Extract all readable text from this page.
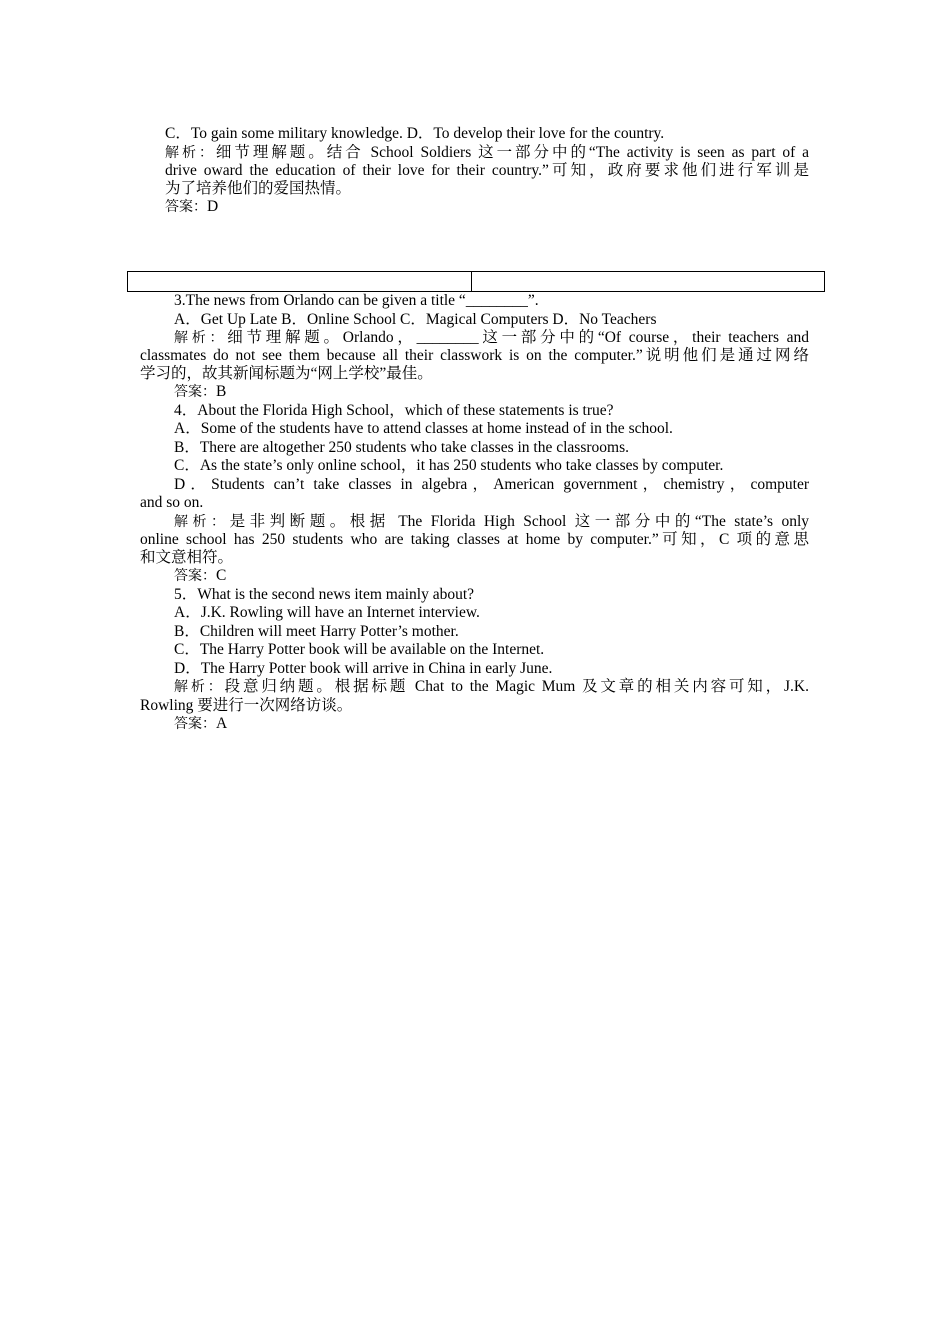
C．To gain some military knowledge. D．To develop their love for the country.
解析：细节理解题。结合 School Soldiers 这一部分中的“The activity is seen as part of a
drive oward the education of their love for their country.”可知，政府要求他们进行军训是
为了培养他们的爱国热情。
答案：D
3.The news from Orlando can be given a title “________”.
A．Get Up Late B．Online School C．Magical Computers D．No Teachers
解析：细节理解题。Orlando，________这一部分中的“Of course，their teachers and
classmates do not see them because all their classwork is on the computer.”说明他们是通过网络
学习的，故其新闻标题为“网上学校”最佳。
答案：B
4．About the Florida High School，which of these statements is true?
A．Some of the students have to attend classes at home instead of in the school.
B．There are altogether 250 students who take classes in the classrooms.
C．As the state’s only online school，it has 250 students who take classes by computer.
D．Students can’t take classes in algebra，American government，chemistry，computer
and so on.
解析：是非判断题。根据 The Florida High School 这一部分中的“The state’s only
online school has 250 students who are taking classes at home by computer.”可知，C 项的意思
和文意相符。
答案：C
5．What is the second news item mainly about?
A．J.K. Rowling will have an Internet interview.
B．Children will meet Harry Potter’s mother.
C．The Harry Potter book will be available on the Internet.
D．The Harry Potter book will arrive in China in early June.
解析：段意归纳题。根据标题 Chat to the Magic Mum 及文章的相关内容可知，J.K.
Rowling 要进行一次网络访谈。
答案：A
